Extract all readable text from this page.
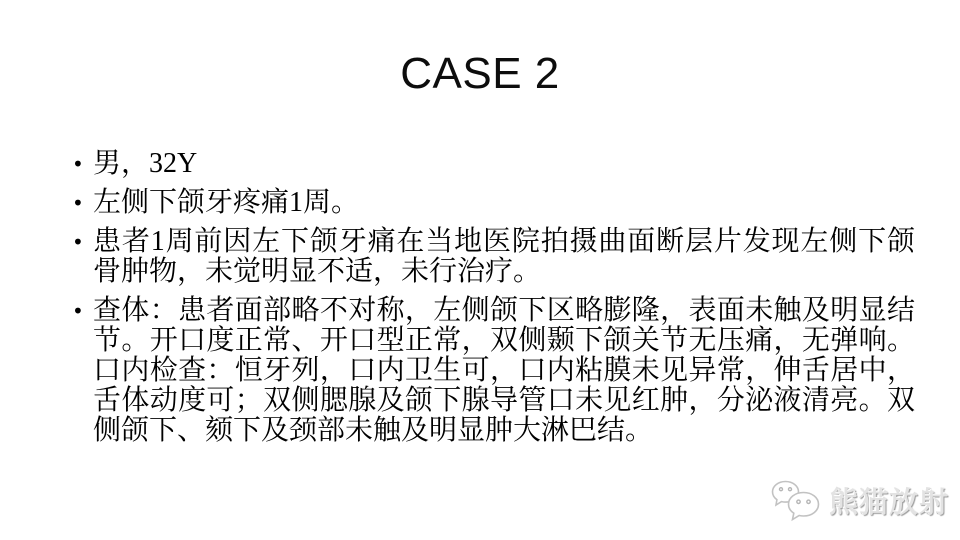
CASE 2
• 男，32Y
• 左侧下颌牙疼痛1周。
• 患者1周前因左下颌牙痛在当地医院拍摄曲面断层片发现左侧下颌骨肿物，未觉明显不适，未行治疗。
• 查体：患者面部略不对称，左侧颌下区略膨隆，表面未触及明显结节。开口度正常、开口型正常，双侧颞下颌关节无压痛，无弹响。口内检查：恒牙列，口内卫生可，口内粘膜未见异常，伸舌居中，舌体动度可；双侧腮腺及颌下腺导管口未见红肿，分泌液清亮。双侧颌下、颏下及颈部未触及明显肿大淋巴结。
熊猫放射
